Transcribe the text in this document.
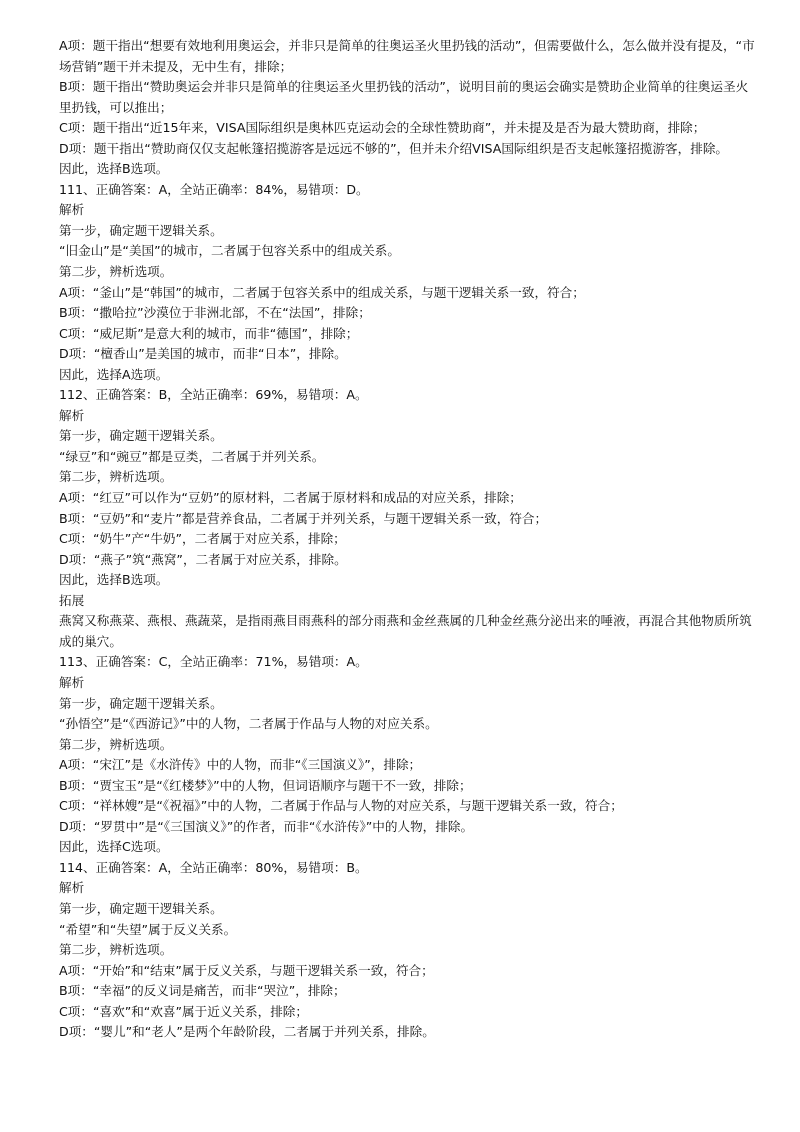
A项：题干指出“想要有效地利用奥运会，并非只是简单的往奥运圣火里扔钱的活动”，但需要做什么，怎么做并没有提及，“市场营销”题干并未提及，无中生有，排除；

B项：题干指出“赞助奥运会并非只是简单的往奥运圣火里扔钱的活动”，说明目前的奥运会确实是赞助企业简单的往奥运圣火里扔钱，可以推出；

C项：题干指出“近15年来，VISA国际组织是奥林匹克运动会的全球性赞助商”，并未提及是否为最大赞助商，排除；

D项：题干指出“赞助商仅仅支起帐篷招揽游客是远远不够的”，但并未介绍VISA国际组织是否支起帐篷招揽游客，排除。

因此，选择B选项。

111、正确答案：A，全站正确率：84%，易错项：D。

解析

第一步，确定题干逻辑关系。

“旧金山”是“美国”的城市，二者属于包容关系中的组成关系。

第二步，辨析选项。

A项：“釜山”是“韩国”的城市，二者属于包容关系中的组成关系，与题干逻辑关系一致，符合；

B项：“撒哈拉”沙漠位于非洲北部，不在“法国”，排除；

C项：“威尼斯”是意大利的城市，而非“德国”，排除；

D项：“檀香山”是美国的城市，而非“日本”，排除。

因此，选择A选项。

112、正确答案：B，全站正确率：69%，易错项：A。

解析

第一步，确定题干逻辑关系。

“绿豆”和“豌豆”都是豆类，二者属于并列关系。

第二步，辨析选项。

A项：“红豆”可以作为“豆奶”的原材料，二者属于原材料和成品的对应关系，排除；

B项：“豆奶”和“麦片”都是营养食品，二者属于并列关系，与题干逻辑关系一致，符合；

C项：“奶牛”产“牛奶”，二者属于对应关系，排除；

D项：“燕子”筑“燕窝”，二者属于对应关系，排除。

因此，选择B选项。

拓展

燕窝又称燕菜、燕根、燕蔬菜，是指雨燕目雨燕科的部分雨燕和金丝燕属的几种金丝燕分泌出来的唾液，再混合其他物质所筑成的巢穴。

113、正确答案：C，全站正确率：71%，易错项：A。

解析

第一步，确定题干逻辑关系。

“孙悟空”是“《西游记》”中的人物，二者属于作品与人物的对应关系。

第二步，辨析选项。

A项：“宋江”是《水浒传》中的人物，而非“《三国演义》”，排除；

B项：“贾宝玉”是“《红楼梦》”中的人物，但词语顺序与题干不一致，排除；

C项：“祥林嫂”是“《祝福》”中的人物，二者属于作品与人物的对应关系，与题干逻辑关系一致，符合；

D项：“罗贯中”是“《三国演义》”的作者，而非“《水浒传》”中的人物，排除。

因此，选择C选项。

114、正确答案：A，全站正确率：80%，易错项：B。

解析

第一步，确定题干逻辑关系。

“希望”和“失望”属于反义关系。

第二步，辨析选项。

A项：“开始”和“结束”属于反义关系，与题干逻辑关系一致，符合；

B项：“幸福”的反义词是痛苦，而非“哭泣”，排除；

C项：“喜欢”和“欢喜”属于近义关系，排除；

D项：“婴儿”和“老人”是两个年龄阶段，二者属于并列关系，排除。
